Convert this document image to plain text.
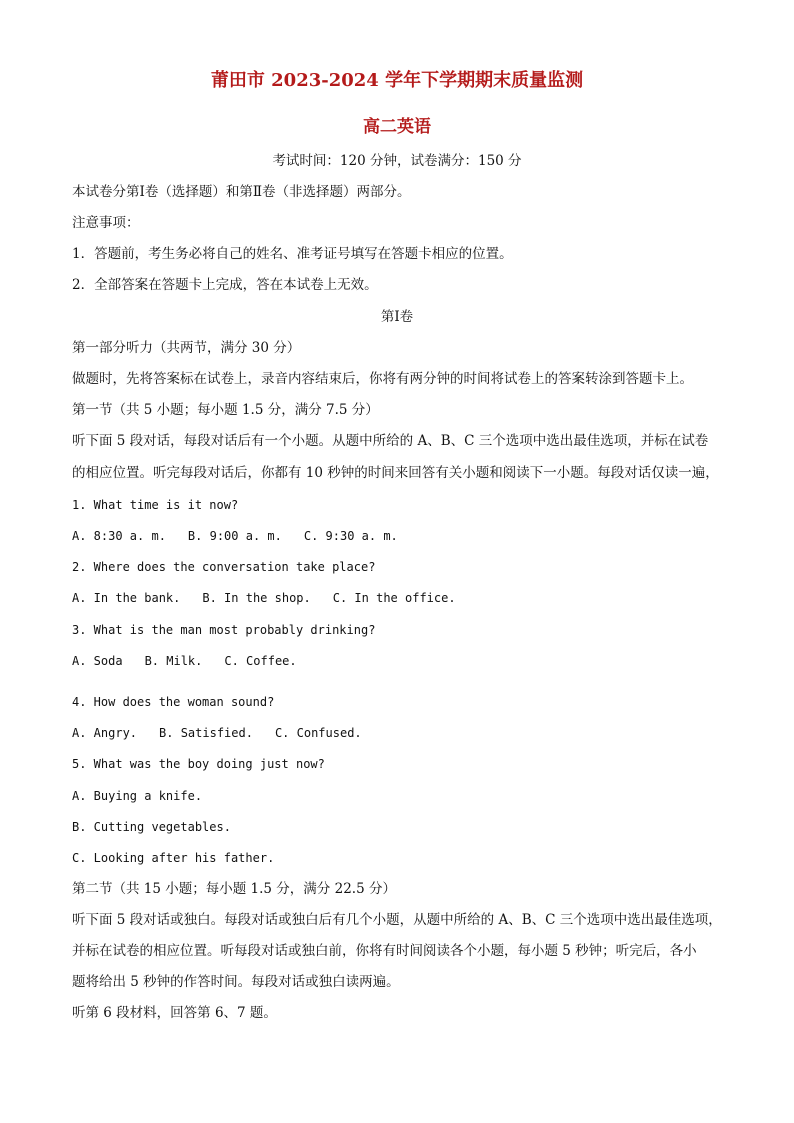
莆田市 2023-2024 学年下学期期末质量监测
高二英语
考试时间：120 分钟，试卷满分：150 分
本试卷分第Ⅰ卷（选择题）和第Ⅱ卷（非选择题）两部分。
注意事项：
1．答题前，考生务必将自己的姓名、准考证号填写在答题卡相应的位置。
2．全部答案在答题卡上完成，答在本试卷上无效。
第Ⅰ卷
第一部分听力（共两节，满分 30 分）
做题时，先将答案标在试卷上，录音内容结束后，你将有两分钟的时间将试卷上的答案转涂到答题卡上。
第一节（共 5 小题；每小题 1.5 分，满分 7.5 分）
听下面 5 段对话，每段对话后有一个小题。从题中所给的 A、B、C 三个选项中选出最佳选项，并标在试卷
的相应位置。听完每段对话后，你都有 10 秒钟的时间来回答有关小题和阅读下一小题。每段对话仅读一遍，
1. What time is it now?
A. 8:30 a. m. B. 9:00 a. m. C. 9:30 a. m.
2. Where does the conversation take place?
A. In the bank. B. In the shop. C. In the office.
3. What is the man most probably drinking?
A. Soda B. Milk. C. Coffee.
4. How does the woman sound?
A. Angry. B. Satisfied. C. Confused.
5. What was the boy doing just now?
A. Buying a knife.
B. Cutting vegetables.
C. Looking after his father.
第二节（共 15 小题；每小题 1.5 分，满分 22.5 分）
听下面 5 段对话或独白。每段对话或独白后有几个小题，从题中所给的 A、B、C 三个选项中选出最佳选项，
并标在试卷的相应位置。听每段对话或独白前，你将有时间阅读各个小题，每小题 5 秒钟；听完后，各小
题将给出 5 秒钟的作答时间。每段对话或独白读两遍。
听第 6 段材料，回答第 6、7 题。
